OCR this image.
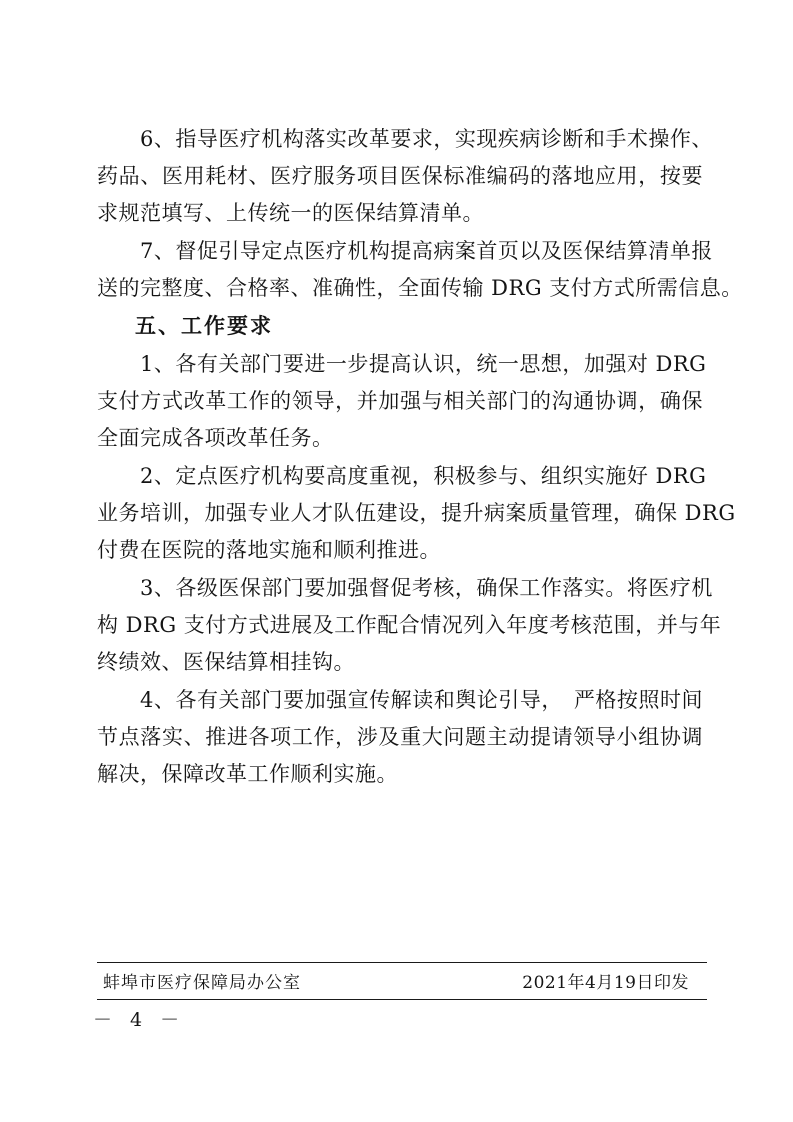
　　6、指导医疗机构落实改革要求，实现疾病诊断和手术操作、

药品、医用耗材、医疗服务项目医保标准编码的落地应用，按要

求规范填写、上传统一的医保结算清单。

　　7、督促引导定点医疗机构提高病案首页以及医保结算清单报

送的完整度、合格率、准确性，全面传输 DRG 支付方式所需信息。

五、工作要求

　　1、各有关部门要进一步提高认识，统一思想，加强对 DRG

支付方式改革工作的领导，并加强与相关部门的沟通协调，确保

全面完成各项改革任务。

　　2、定点医疗机构要高度重视，积极参与、组织实施好 DRG

业务培训，加强专业人才队伍建设，提升病案质量管理，确保 DRG

付费在医院的落地实施和顺利推进。

　　3、各级医保部门要加强督促考核，确保工作落实。将医疗机

构 DRG 支付方式进展及工作配合情况列入年度考核范围，并与年

终绩效、医保结算相挂钩。

　　4、各有关部门要加强宣传解读和舆论引导，　严格按照时间

节点落实、推进各项工作，涉及重大问题主动提请领导小组协调

解决，保障改革工作顺利实施。

蚌埠市医疗保障局办公室	2021年4月19日印发
－ 4 －
